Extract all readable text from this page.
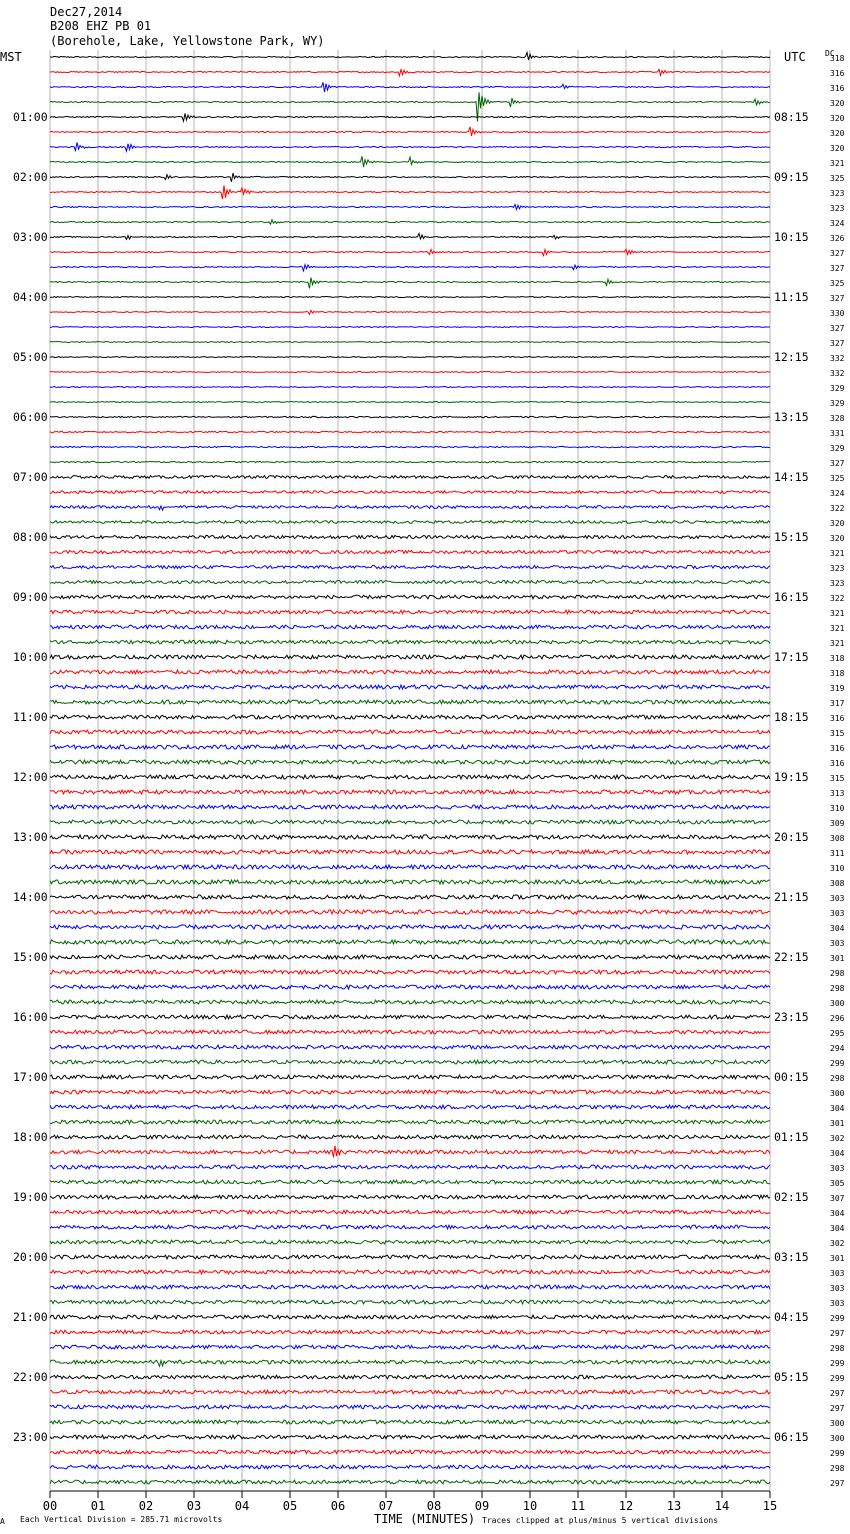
Dec27,2014
B208 EHZ PB 01
(Borehole, Lake, Yellowstone Park, WY)
MST	UTC DC
01:00
02:00
03:00
04:00
05:00
06:00
07:00
08:00
09:00
10:00
11:00
12:00
13:00
14:00
15:00
16:00
17:00
18:00
19:00
20:00
21:00
22:00
23:00
08:15
09:15
10:15
11:15
12:15
13:15
14:15
15:15
16:15
17:15
18:15
19:15
20:15
21:15
22:15
23:15
00:15
01:15
02:15
03:15
04:15
05:15
06:15
318
316
316
320
320
320
320
321
325
323
323
324
326
327
327
325
327
330
327
327
332
332
329
329
328
331
329
327
325
324
322
320
320
321
323
323
322
321
321
321
318
318
319
317
316
315
316
316
315
313
310
309
308
311
310
308
303
303
304
303
301
298
298
300
296
295
294
299
298
300
304
301
302
304
303
305
307
304
304
302
301
303
303
303
299
297
298
299
299
297
297
300
300
299
298
297
00	01	02	03	04	05	06	07	08	09	10	11	12	13	14	15
A Each Vertical Division = 285.71 microvolts	TIME (MINUTES) Traces clipped at plus/minus 5 vertical divisions
